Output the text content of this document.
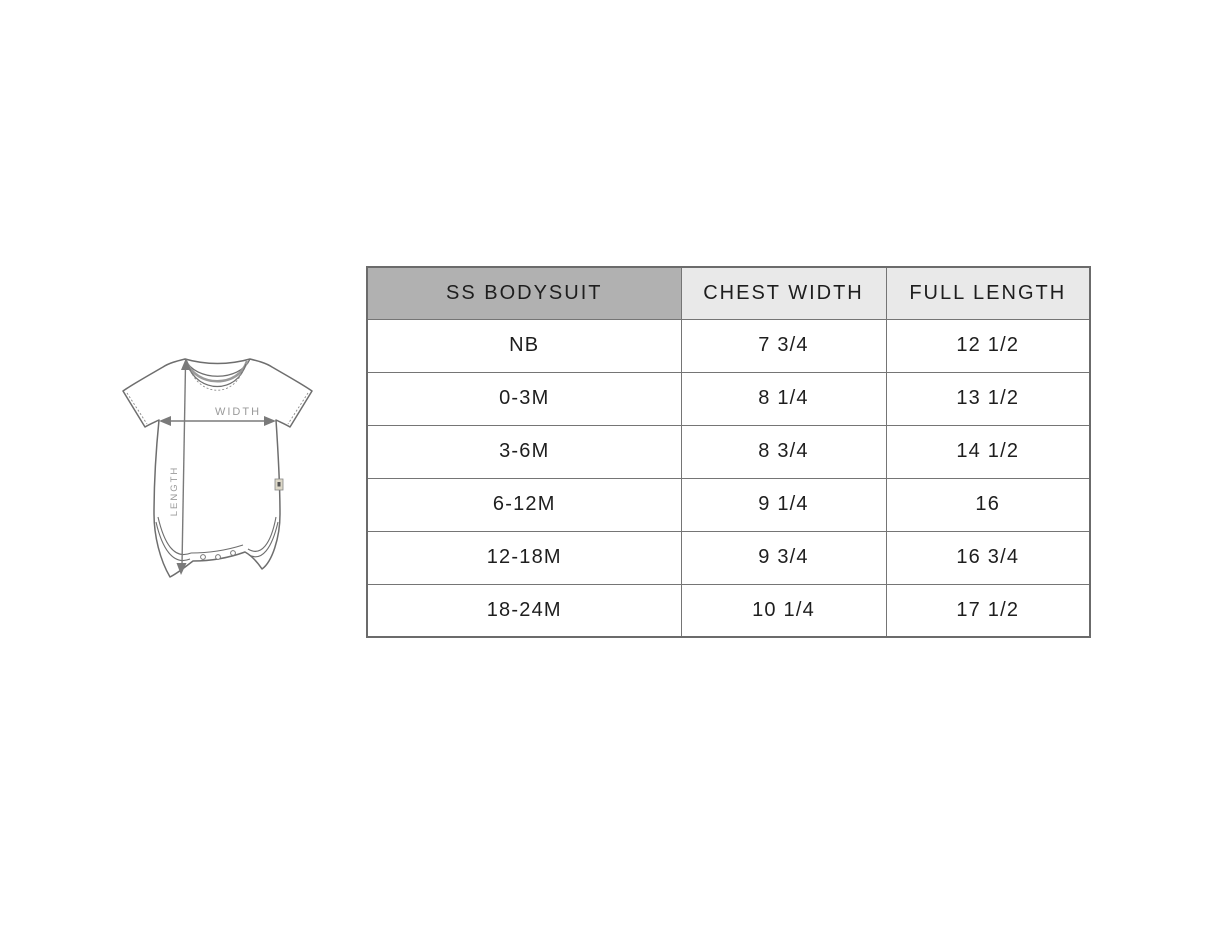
WIDTH
LENGTH
SS BODYSUIT	CHEST WIDTH	FULL LENGTH
NB	7 3/4	12 1/2
0-3M	8 1/4	13 1/2
3-6M	8 3/4	14 1/2
6-12M	9 1/4	16
12-18M	9 3/4	16 3/4
18-24M	10 1/4	17 1/2
